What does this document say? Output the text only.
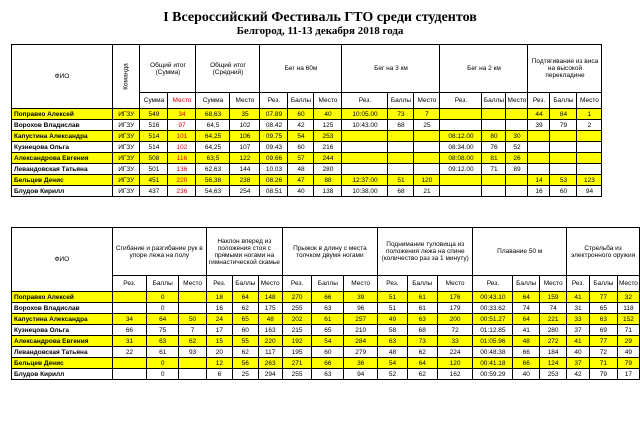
I Всероссийский Фестиваль ГТО среди студентов
Белгород, 11-13 декабря 2018 года
ФИО	Команда	Общий итог (Сумма)		Общий итог (Средний)		Бег на 60м			Бег на 3 км			Бег на 2 км			Подтягивание из виса на высокой перекладине		
		Сумма	Место	Сумма	Место	Рез.	Баллы	Место	Рез.	Баллы	Место	Рез.	Баллы	Место	Рез.	Баллы	Место
Поправко Алексей	ИГЗУ	549	34	68,63	35	07.89	60	40	10:05.00	73	7				44	84	1
Ворохов Владислав	ИГЗУ	516	97	64,5	102	08.42	42	125	10:43.00	68	25				39	79	2
Капустина Александра	ИГЗУ	514	101	64,25	106	09.75	54	253				08:12.00	80	30			
Кузнецова Ольга	ИГЗУ	514	102	64,25	107	09.43	60	216				08:34.00	76	52			
Александрова Евгения	ИГЗУ	508	116	63,5	122	09.66	57	244				08:08.00	81	26			
Левандовская Татьяна	ИГЗУ	501	136	62,63	144	10.03	48	280				09:12.00	71	89			
Бельцев Денис	ИГЗУ	451	220	56,38	238	08.26	47	88	12:37.00	51	120				14	53	123
Блудов Кирилл	ИГЗУ	437	236	54,63	254	08.51	40	138	10:38.00	68	21				16	60	94
ФИО	Сгибание и разгибание рук в упоре лежа на полу			Наклон вперед из положения стоя с прямыми ногами на гимнастической скамье			Прыжок в длину с места толчком двумя ногами			Поднимание туловища из положения лежа на спине (количество раз за 1 минуту)			Плавание 50 м			Стрельба из электронного оружия		
	Рез.	Баллы	Место	Рез.	Баллы	Место	Рез.	Баллы	Место	Рез.	Баллы	Место	Рез.	Баллы	Место	Рез.	Баллы	Место
Поправко Алексей		0		18	64	148	270	66	39	51	61	176	00:43.10	64	159	41	77	32
Ворохов Владислав		0		16	62	175	255	63	96	51	61	179	00:33.62	74	74	31	65	118
Капустина Александра	34	64	50	24	65	48	202	61	257	49	63	200	00:51.27	64	221	33	63	152
Кузнецова Ольга	66	75	7	17	60	163	215	65	210	58	68	72	01:12.85	41	280	37	69	71
Александрова Евгения	31	63	62	15	55	220	192	54	284	63	73	33	01:05.96	48	272	41	77	29
Левандовская Татьяна	22	61	93	20	62	117	195	60	279	48	62	224	00:48.38	66	184	40	72	49
Бельцев Денис		0		12	56	263	271	66	36	54	64	120	00:41.18	66	124	37	71	79
Блудов Кирилл		0		6	25	294	255	63	94	52	62	162	00:59.29	40	253	42	79	17
